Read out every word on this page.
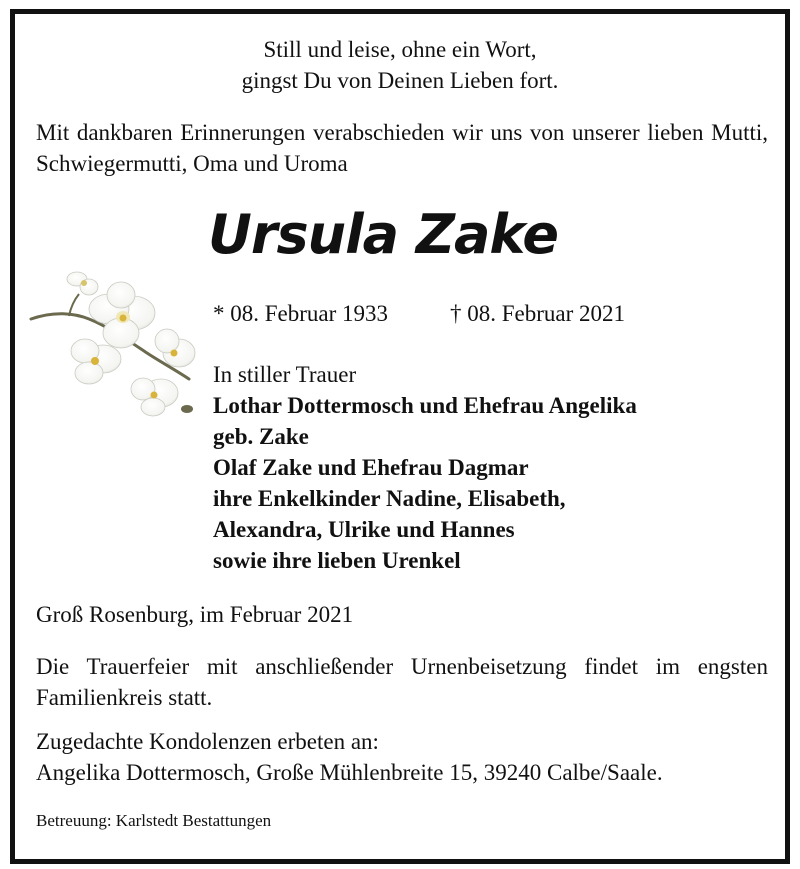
Still und leise, ohne ein Wort,
gingst Du von Deinen Lieben fort.
Mit dankbaren Erinnerungen verabschieden wir uns von unserer lieben Mutti, Schwiegermutti, Oma und Uroma
Ursula Zake
* 08. Februar 1933	† 08. Februar 2021
In stiller Trauer
Lothar Dottermosch und Ehefrau Angelika
geb. Zake
Olaf Zake und Ehefrau Dagmar
ihre Enkelkinder Nadine, Elisabeth,
Alexandra, Ulrike und Hannes
sowie ihre lieben Urenkel
Groß Rosenburg, im Februar 2021
Die Trauerfeier mit anschließender Urnenbeisetzung findet im engsten Familienkreis statt.
Zugedachte Kondolenzen erbeten an:
Angelika Dottermosch, Große Mühlenbreite 15, 39240 Calbe/Saale.
Betreuung: Karlstedt Bestattungen
